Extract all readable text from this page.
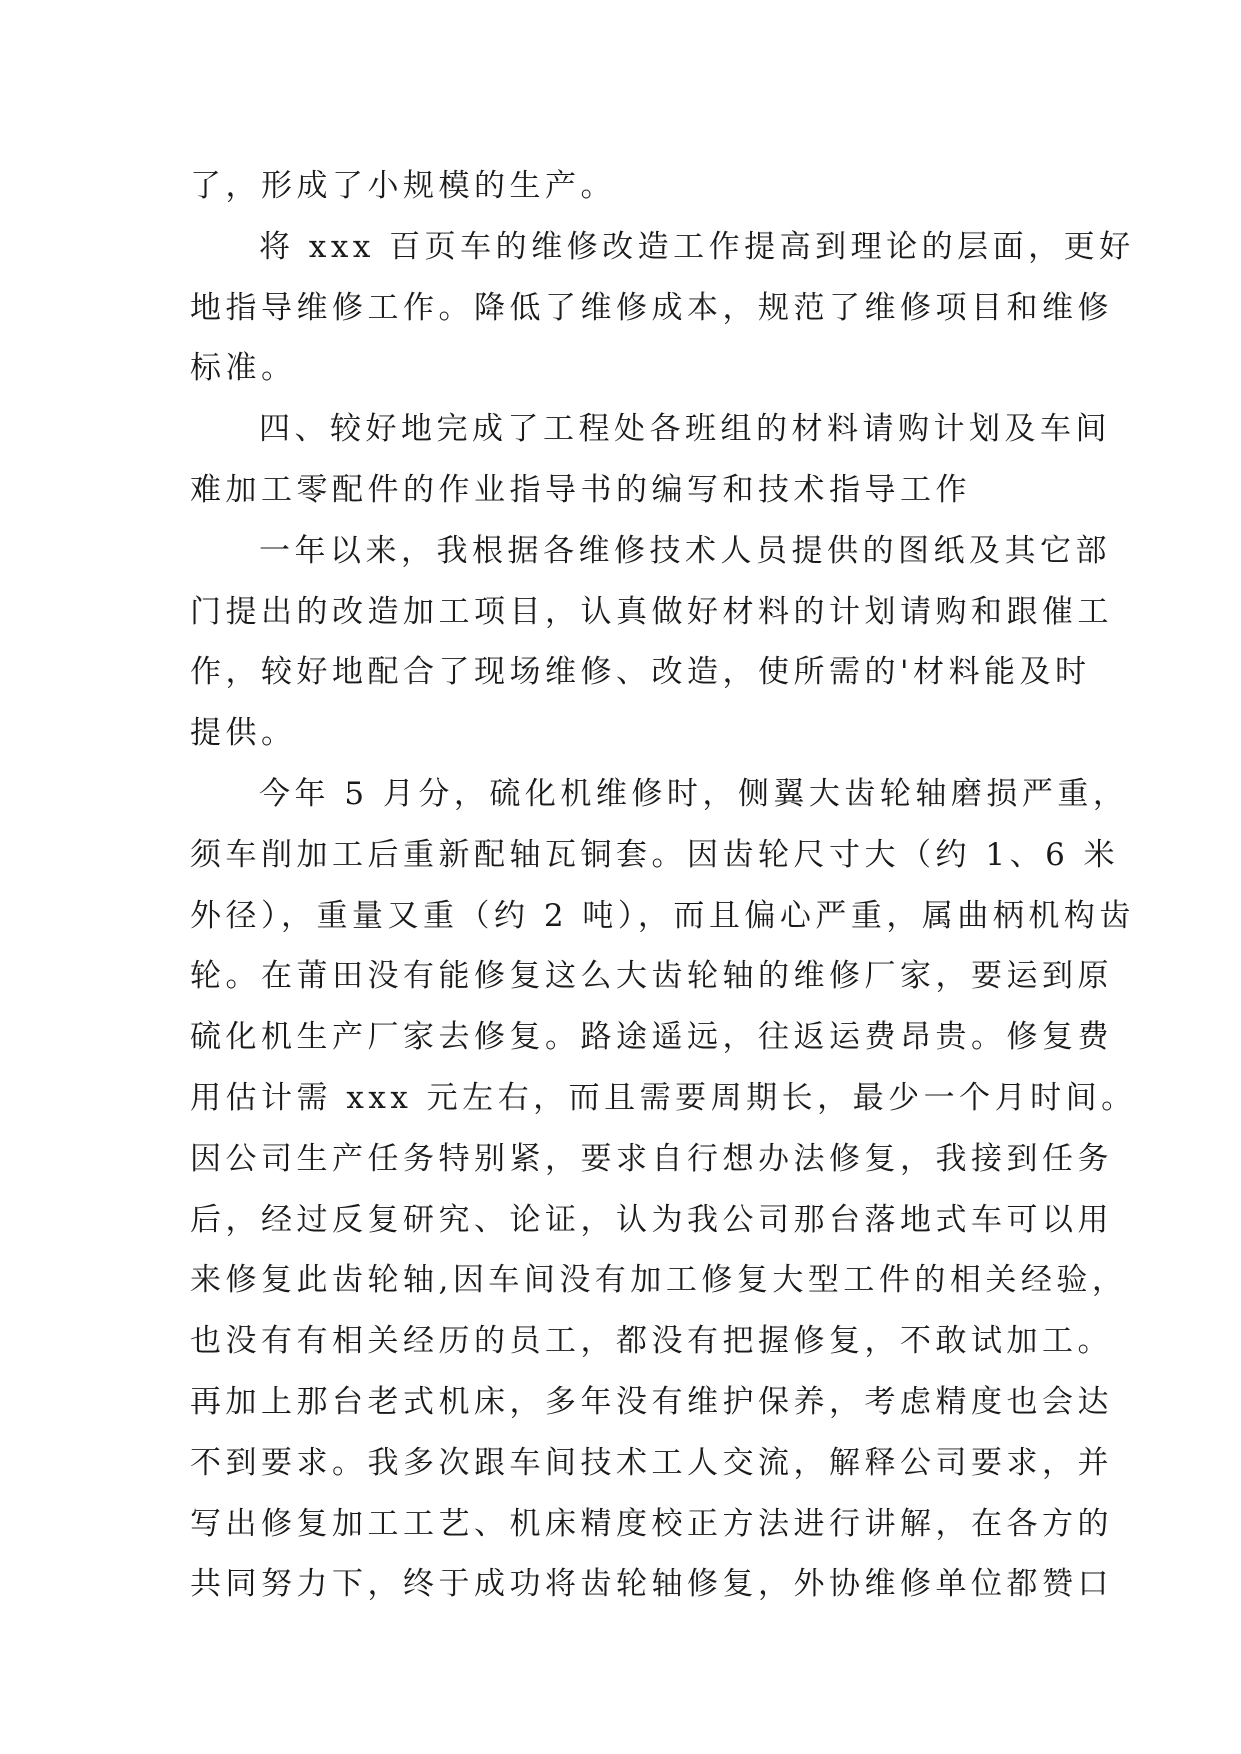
了，形成了小规模的生产。
将 xxx 百页车的维修改造工作提高到理论的层面，更好
地指导维修工作。降低了维修成本，规范了维修项目和维修
标准。
四、较好地完成了工程处各班组的材料请购计划及车间
难加工零配件的作业指导书的编写和技术指导工作
一年以来，我根据各维修技术人员提供的图纸及其它部
门提出的改造加工项目，认真做好材料的计划请购和跟催工
作，较好地配合了现场维修、改造，使所需的'材料能及时
提供。
今年 5 月分，硫化机维修时，侧翼大齿轮轴磨损严重，
须车削加工后重新配轴瓦铜套。因齿轮尺寸大（约 1、6 米
外径），重量又重（约 2 吨），而且偏心严重，属曲柄机构齿
轮。在莆田没有能修复这么大齿轮轴的维修厂家，要运到原
硫化机生产厂家去修复。路途遥远，往返运费昂贵。修复费
用估计需 xxx 元左右，而且需要周期长，最少一个月时间。
因公司生产任务特别紧，要求自行想办法修复，我接到任务
后，经过反复研究、论证，认为我公司那台落地式车可以用
来修复此齿轮轴,因车间没有加工修复大型工件的相关经验，
也没有有相关经历的员工，都没有把握修复，不敢试加工。
再加上那台老式机床，多年没有维护保养，考虑精度也会达
不到要求。我多次跟车间技术工人交流，解释公司要求，并
写出修复加工工艺、机床精度校正方法进行讲解，在各方的
共同努力下，终于成功将齿轮轴修复，外协维修单位都赞口
